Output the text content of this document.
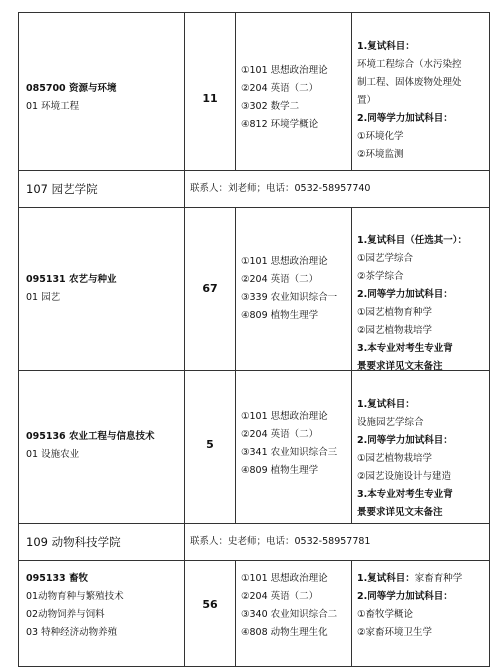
085700 资源与环境
01 环境工程
11
①101 思想政治理论
②204 英语（二）
③302 数学二
④812 环境学概论
1.复试科目：
环境工程综合（水污染控
制工程、固体废物处理处
置）
2.同等学力加试科目：
①环境化学
②环境监测
107 园艺学院	联系人：刘老师；电话：0532-58957740
095131 农艺与种业
01 园艺
67
①101 思想政治理论
②204 英语（二）
③339 农业知识综合一
④809 植物生理学
1.复试科目（任选其一）：
①园艺学综合
②茶学综合
2.同等学力加试科目：
①园艺植物育种学
②园艺植物栽培学
3.本专业对考生专业背
景要求详见文末备注
095136 农业工程与信息技术
01 设施农业
5
①101 思想政治理论
②204 英语（二）
③341 农业知识综合三
④809 植物生理学
1.复试科目：
设施园艺学综合
2.同等学力加试科目：
①园艺植物栽培学
②园艺设施设计与建造
3.本专业对考生专业背
景要求详见文末备注
109 动物科技学院	联系人：史老师；电话：0532-58957781
095133 畜牧
01动物育种与繁殖技术
02动物饲养与饲料
03 特种经济动物养殖
56
①101 思想政治理论
②204 英语（二）
③340 农业知识综合二
④808 动物生理生化
1.复试科目：家畜育种学
2.同等学力加试科目：
①畜牧学概论
②家畜环境卫生学
